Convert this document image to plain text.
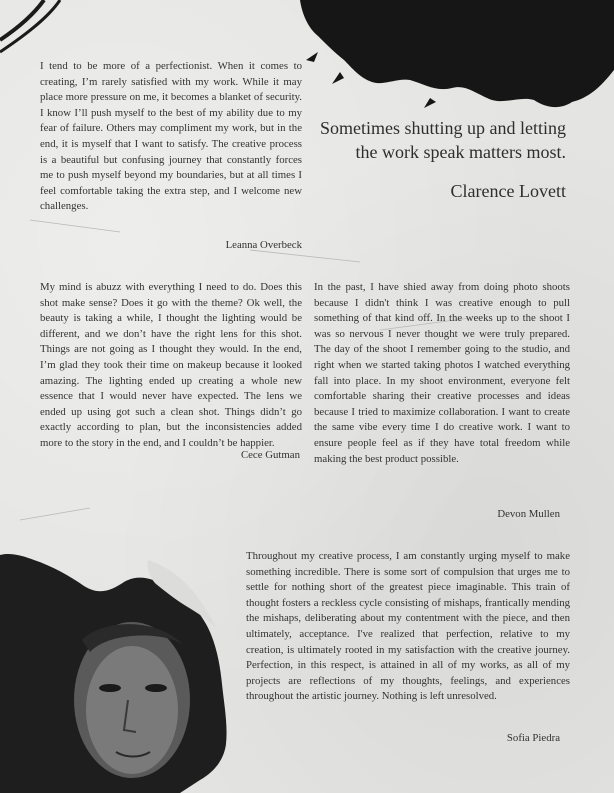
I tend to be more of a perfectionist. When it comes to creating, I’m rarely satisfied with my work. While it may place more pressure on me, it becomes a blanket of security. I know I’ll push myself to the best of my ability due to my fear of failure. Others may compliment my work, but in the end, it is myself that I want to satisfy. The creative process is a beautiful but confusing journey that constantly forces me to push myself beyond my boundaries, but at all times I feel comfortable taking the extra step, and I welcome new challenges.

Leanna Overbeck
Sometimes shutting up and letting the work speak matters most.
Clarence Lovett

My mind is abuzz with everything I need to do. Does this shot make sense? Does it go with the theme? Ok well, the beauty is taking a while, I thought the lighting would be different, and we don’t have the right lens for this shot. Things are not going as I thought they would. In the end, I’m glad they took their time on makeup because it looked amazing. The lighting ended up creating a whole new essence that I would never have expected. The lens we ended up using got such a clean shot. Things didn’t go exactly according to plan, but the inconsistencies added more to the story in the end, and I couldn’t be happier.

Cece Gutman

In the past, I have shied away from doing photo shoots because I didn't think I was creative enough to pull something of that kind off. In the weeks up to the shoot I was so nervous I never thought we were truly prepared. The day of the shoot I remember going to the studio, and right when we started taking photos I watched everything fall into place. In my shoot environment, everyone felt comfortable sharing their creative processes and ideas because I tried to maximize collaboration. I want to create the same vibe every time I do creative work. I want to ensure people feel as if they have total freedom while making the best product possible.

Devon Mullen

Throughout my creative process, I am constantly urging myself to make something incredible. There is some sort of compulsion that urges me to settle for nothing short of the greatest piece imaginable. This train of thought fosters a reckless cycle consisting of mishaps, frantically mending the mishaps, deliberating about my contentment with the piece, and then ultimately, acceptance. I've realized that perfection, relative to my creation, is ultimately rooted in my satisfaction with the creative journey. Perfection, in this respect, is attained in all of my works, as all of my projects are reflections of my thoughts, feelings, and experiences throughout the artistic journey. Nothing is left unresolved.

Sofia Piedra
